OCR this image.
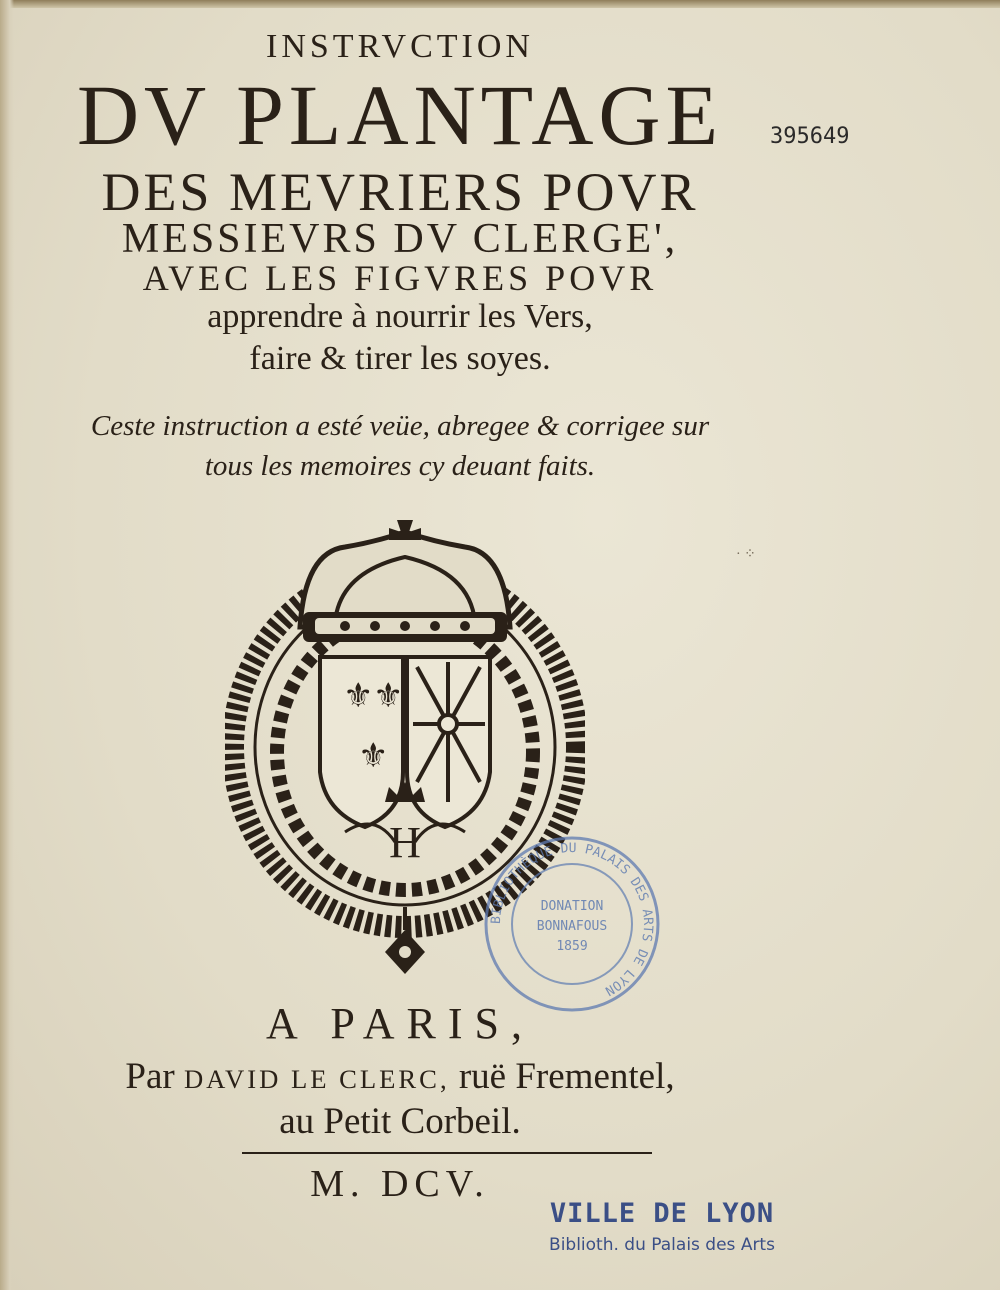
INSTRVCTION
DV PLANTAGE
DES MEVRIERS POVR
MESSIEVRS DV CLERGE',
AVEC LES FIGVRES POVR
apprendre à nourrir les Vers,
faire & tirer les soyes.
Ceste instruction a esté veüe, abregee & corrigee sur
tous les memoires cy deuant faits.
395649
· ⁘
⚜ ⚜
⚜
H
BIBLIOTHÈQUE DU PALAIS DES ARTS DE LYON
DONATION
BONNAFOUS
1859
A PARIS,
Par DAVID LE CLERC, ruë Frementel,
au Petit Corbeil.
M. DCV.
VILLE DE LYON
Biblioth. du Palais des Arts
